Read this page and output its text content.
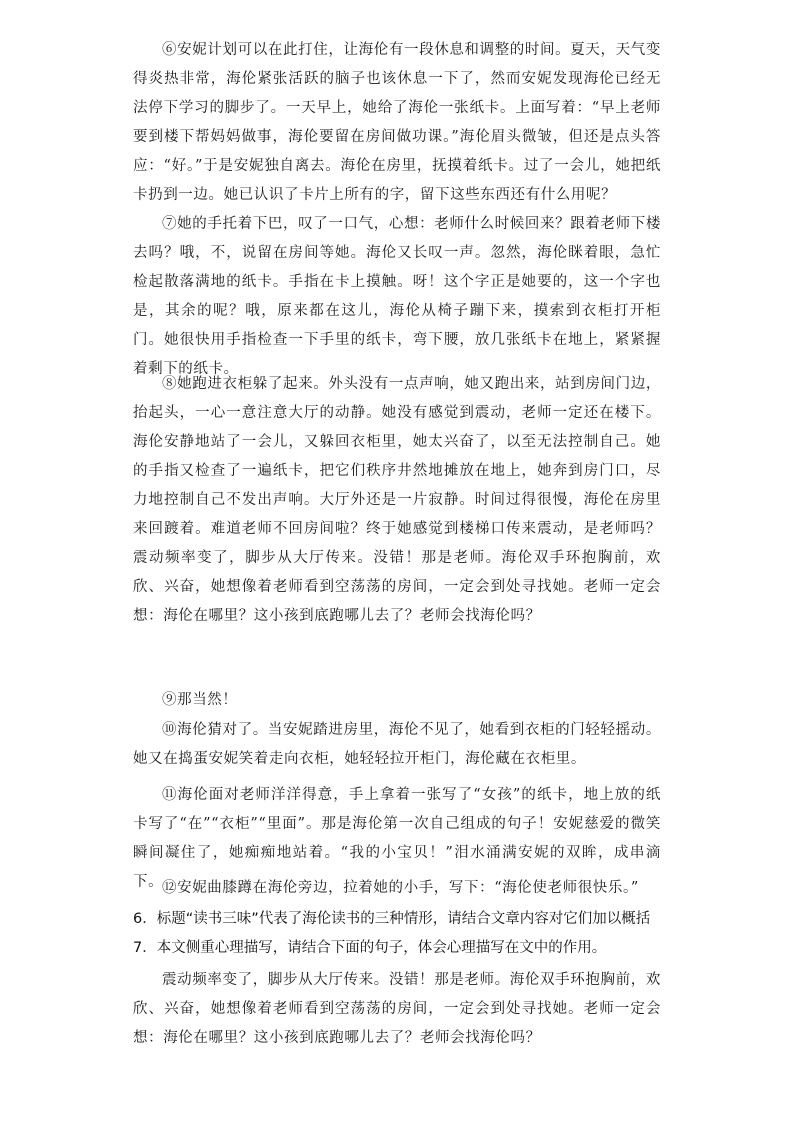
⑥安妮计划可以在此打住，让海伦有一段休息和调整的时间。夏天，天气变得炎热非常，海伦紧张活跃的脑子也该休息一下了，然而安妮发现海伦已经无法停下学习的脚步了。一天早上，她给了海伦一张纸卡。上面写着：“早上老师要到楼下帮妈妈做事，海伦要留在房间做功课。”海伦眉头微皱，但还是点头答应：“好。”于是安妮独自离去。海伦在房里，抚摸着纸卡。过了一会儿，她把纸卡扔到一边。她已认识了卡片上所有的字，留下这些东西还有什么用呢？

⑦她的手托着下巴，叹了一口气，心想：老师什么时候回来？跟着老师下楼去吗？哦，不，说留在房间等她。海伦又长叹一声。忽然，海伦眯着眼，急忙检起散落满地的纸卡。手指在卡上摸触。呀！这个字正是她要的，这一个字也是，其余的呢？哦，原来都在这儿，海伦从椅子蹦下来，摸索到衣柜打开柜门。她很快用手指检查一下手里的纸卡，弯下腰，放几张纸卡在地上，紧紧握着剩下的纸卡。

⑧她跑进衣柜躲了起来。外头没有一点声响，她又跑出来，站到房间门边，抬起头，一心一意注意大厅的动静。她没有感觉到震动，老师一定还在楼下。海伦安静地站了一会儿，又躲回衣柜里，她太兴奋了，以至无法控制自己。她的手指又检查了一遍纸卡，把它们秩序井然地摊放在地上，她奔到房门口，尽力地控制自己不发出声响。大厅外还是一片寂静。时间过得很慢，海伦在房里来回踱着。难道老师不回房间啦？终于她感觉到楼梯口传来震动，是老师吗？震动频率变了，脚步从大厅传来。没错！那是老师。海伦双手环抱胸前，欢欣、兴奋，她想像着老师看到空荡荡的房间，一定会到处寻找她。老师一定会想：海伦在哪里？这小孩到底跑哪儿去了？老师会找海伦吗？

⑨那当然！

⑩海伦猜对了。当安妮踏进房里，海伦不见了，她看到衣柜的门轻轻摇动。她又在捣蛋安妮笑着走向衣柜，她轻轻拉开柜门，海伦藏在衣柜里。

⑪海伦面对老师洋洋得意，手上拿着一张写了“女孩”的纸卡，地上放的纸卡写了“在”“衣柜”“里面”。那是海伦第一次自己组成的句子！安妮慈爱的微笑瞬间凝住了，她痴痴地站着。“我的小宝贝！”泪水涌满安妮的双眸，成串滴下。

⑫安妮曲膝蹲在海伦旁边，拉着她的小手，写下：“海伦使老师很快乐。”

6．标题“读书三味”代表了海伦读书的三种情形，请结合文章内容对它们加以概括

7．本文侧重心理描写，请结合下面的句子，体会心理描写在文中的作用。

震动频率变了，脚步从大厅传来。没错！那是老师。海伦双手环抱胸前，欢欣、兴奋，她想像着老师看到空荡荡的房间，一定会到处寻找她。老师一定会想：海伦在哪里？这小孩到底跑哪儿去了？老师会找海伦吗？
